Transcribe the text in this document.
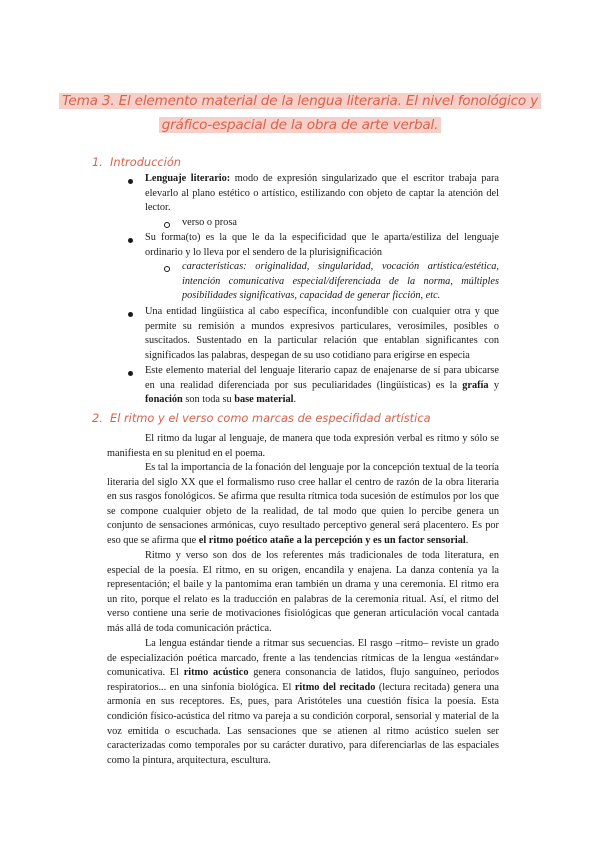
Tema 3. El elemento material de la lengua literaria. El nivel fonológico y
gráfico-espacial de la obra de arte verbal.
1. Introducción

Lenguaje literario: modo de expresión singularizado que el escritor trabaja para elevarlo al plano estético o artístico, estilizando con objeto de captar la atención del lector.

verso o prosa

Su forma(to) es la que le da la especificidad que le aparta/estiliza del lenguaje ordinario y lo lleva por el sendero de la plurisignificación

características: originalidad, singularidad, vocación artística/estética, intención comunicativa especial/diferenciada de la norma, múltiples posibilidades significativas, capacidad de generar ficción, etc.

Una entidad lingüística al cabo específica, inconfundible con cualquier otra y que permite su remisión a mundos expresivos particulares, verosímiles, posibles o suscitados. Sustentado en la particular relación que entablan significantes con significados las palabras, despegan de su uso cotidiano para erigirse en especia

Este elemento material del lenguaje literario capaz de enajenarse de sí para ubicarse en una realidad diferenciada por sus peculiaridades (lingüísticas) es la grafía y fonación son toda su base material.

2. El ritmo y el verso como marcas de especifidad artística

El ritmo da lugar al lenguaje, de manera que toda expresión verbal es ritmo y sólo se manifiesta en su plenitud en el poema.

Es tal la importancia de la fonación del lenguaje por la concepción textual de la teoría literaria del siglo XX que el formalismo ruso cree hallar el centro de razón de la obra literaria en sus rasgos fonológicos. Se afirma que resulta rítmica toda sucesión de estímulos por los que se compone cualquier objeto de la realidad, de tal modo que quien lo percibe genera un conjunto de sensaciones armónicas, cuyo resultado perceptivo general será placentero. Es por eso que se afirma que el ritmo poético atañe a la percepción y es un factor sensorial.

Ritmo y verso son dos de los referentes más tradicionales de toda literatura, en especial de la poesía. El ritmo, en su origen, encandila y enajena. La danza contenía ya la representación; el baile y la pantomima eran también un drama y una ceremonia. El ritmo era un rito, porque el relato es la traducción en palabras de la ceremonia ritual. Así, el ritmo del verso contiene una serie de motivaciones fisiológicas que generan articulación vocal cantada más allá de toda comunicación práctica.

La lengua estándar tiende a ritmar sus secuencias. El rasgo –ritmo– reviste un grado de especialización poética marcado, frente a las tendencias rítmicas de la lengua «estándar» comunicativa. El ritmo acústico genera consonancia de latidos, flujo sanguíneo, periodos respiratorios... en una sinfonía biológica. El ritmo del recitado (lectura recitada) genera una armonía en sus receptores. Es, pues, para Aristóteles una cuestión física la poesía. Esta condición físico-acústica del ritmo va pareja a su condición corporal, sensorial y material de la voz emitida o escuchada. Las sensaciones que se atienen al ritmo acústico suelen ser caracterizadas como temporales por su carácter durativo, para diferenciarlas de las espaciales como la pintura, arquitectura, escultura.
